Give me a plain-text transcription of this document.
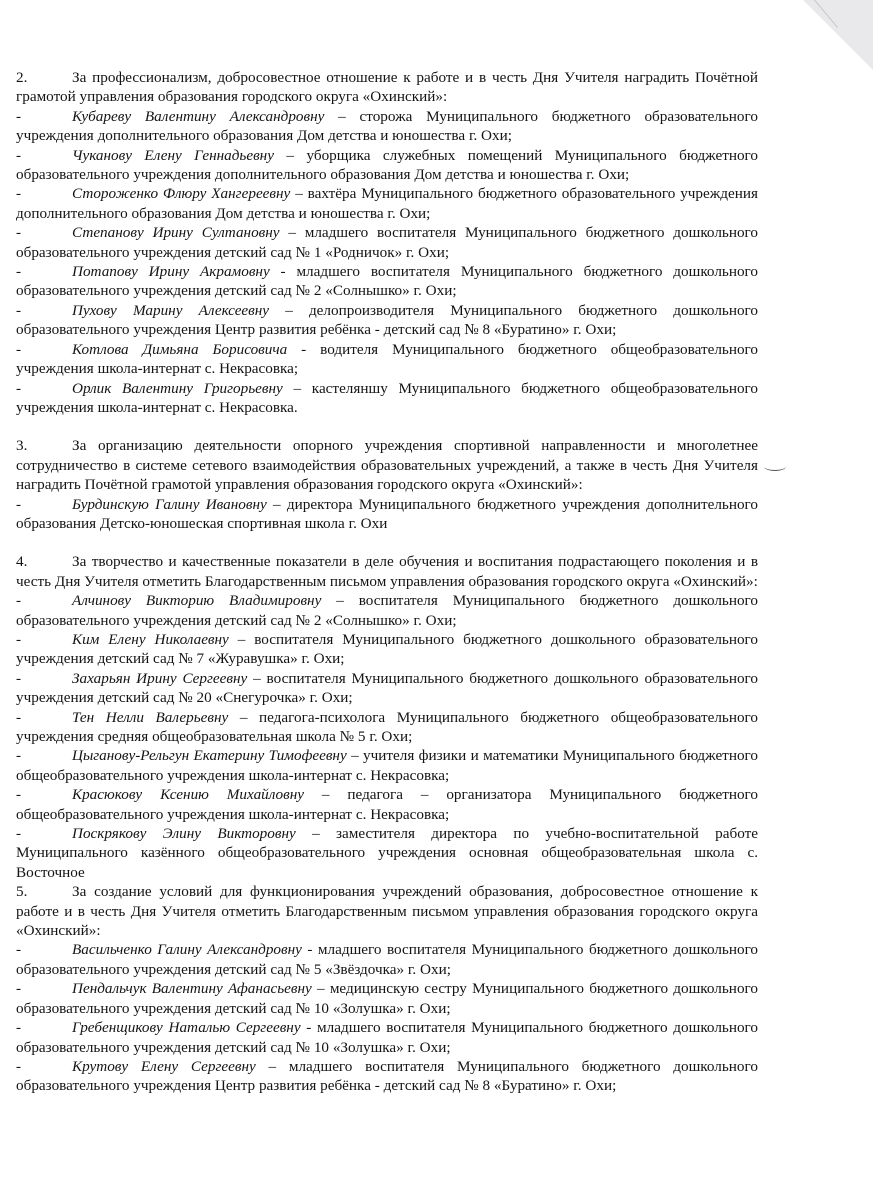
2.	За профессионализм, добросовестное отношение к работе и в честь Дня Учителя наградить Почётной грамотой управления образования городского округа «Охинский»:

-	Кубареву Валентину Александровну – сторожа Муниципального бюджетного образовательного учреждения дополнительного образования Дом детства и юношества г. Охи;

-	Чуканову Елену Геннадьевну – уборщика служебных помещений Муниципального бюджетного образовательного учреждения дополнительного образования Дом детства и юношества г. Охи;

-	Стороженко Флюру Хангереевну – вахтёра Муниципального бюджетного образовательного учреждения дополнительного образования Дом детства и юношества г. Охи;

-	Степанову Ирину Султановну – младшего воспитателя Муниципального бюджетного дошкольного образовательного учреждения детский сад № 1 «Родничок» г. Охи;

-	Потапову Ирину Акрамовну - младшего воспитателя Муниципального бюджетного дошкольного образовательного учреждения детский сад № 2 «Солнышко» г. Охи;

-	Пухову Марину Алексеевну – делопроизводителя Муниципального бюджетного дошкольного образовательного учреждения Центр развития ребёнка - детский сад № 8 «Буратино» г. Охи;

-	Котлова Димьяна Борисовича - водителя Муниципального бюджетного общеобразовательного учреждения школа-интернат с. Некрасовка;

-	Орлик Валентину Григорьевну – кастеляншу Муниципального бюджетного общеобразовательного учреждения школа-интернат с. Некрасовка.

3.	За организацию деятельности опорного учреждения спортивной направленности и многолетнее сотрудничество в системе сетевого взаимодействия образовательных учреждений, а также в честь Дня Учителя наградить Почётной грамотой управления образования городского округа «Охинский»:

-	Бурдинскую Галину Ивановну – директора Муниципального бюджетного учреждения дополнительного образования Детско-юношеская спортивная школа г. Охи

4.	За творчество и качественные показатели в деле обучения и воспитания подрастающего поколения и в честь Дня Учителя отметить Благодарственным письмом управления образования городского округа «Охинский»:

-	Алчинову Викторию Владимировну – воспитателя Муниципального бюджетного дошкольного образовательного учреждения детский сад № 2 «Солнышко» г. Охи;

-	Ким Елену Николаевну – воспитателя Муниципального бюджетного дошкольного образовательного учреждения детский сад № 7 «Журавушка» г. Охи;

-	Захарьян Ирину Сергеевну – воспитателя Муниципального бюджетного дошкольного образовательного учреждения детский сад № 20 «Снегурочка» г. Охи;

-	Тен Нелли Валерьевну – педагога-психолога Муниципального бюджетного общеобразовательного учреждения средняя общеобразовательная школа № 5 г. Охи;

-	Цыганову-Рельгун Екатерину Тимофеевну – учителя физики и математики Муниципального бюджетного общеобразовательного учреждения школа-интернат с. Некрасовка;

-	Красюкову Ксению Михайловну – педагога – организатора Муниципального бюджетного общеобразовательного учреждения школа-интернат с. Некрасовка;

-	Поскрякову Элину Викторовну – заместителя директора по учебно-воспитательной работе Муниципального казённого общеобразовательного учреждения основная общеобразовательная школа с. Восточное

5.	За создание условий для функционирования учреждений образования, добросовестное отношение к работе и в честь Дня Учителя отметить Благодарственным письмом управления образования городского округа «Охинский»:

-	Васильченко Галину Александровну - младшего воспитателя Муниципального бюджетного дошкольного образовательного учреждения детский сад № 5 «Звёздочка» г. Охи;

-	Пендальчук Валентину Афанасьевну – медицинскую сестру Муниципального бюджетного дошкольного образовательного учреждения детский сад № 10 «Золушка» г. Охи;

-	Гребенщикову Наталью Сергеевну - младшего воспитателя Муниципального бюджетного дошкольного образовательного учреждения детский сад № 10 «Золушка» г. Охи;

-	Крутову Елену Сергеевну – младшего воспитателя Муниципального бюджетного дошкольного образовательного учреждения Центр развития ребёнка - детский сад № 8 «Буратино» г. Охи;
